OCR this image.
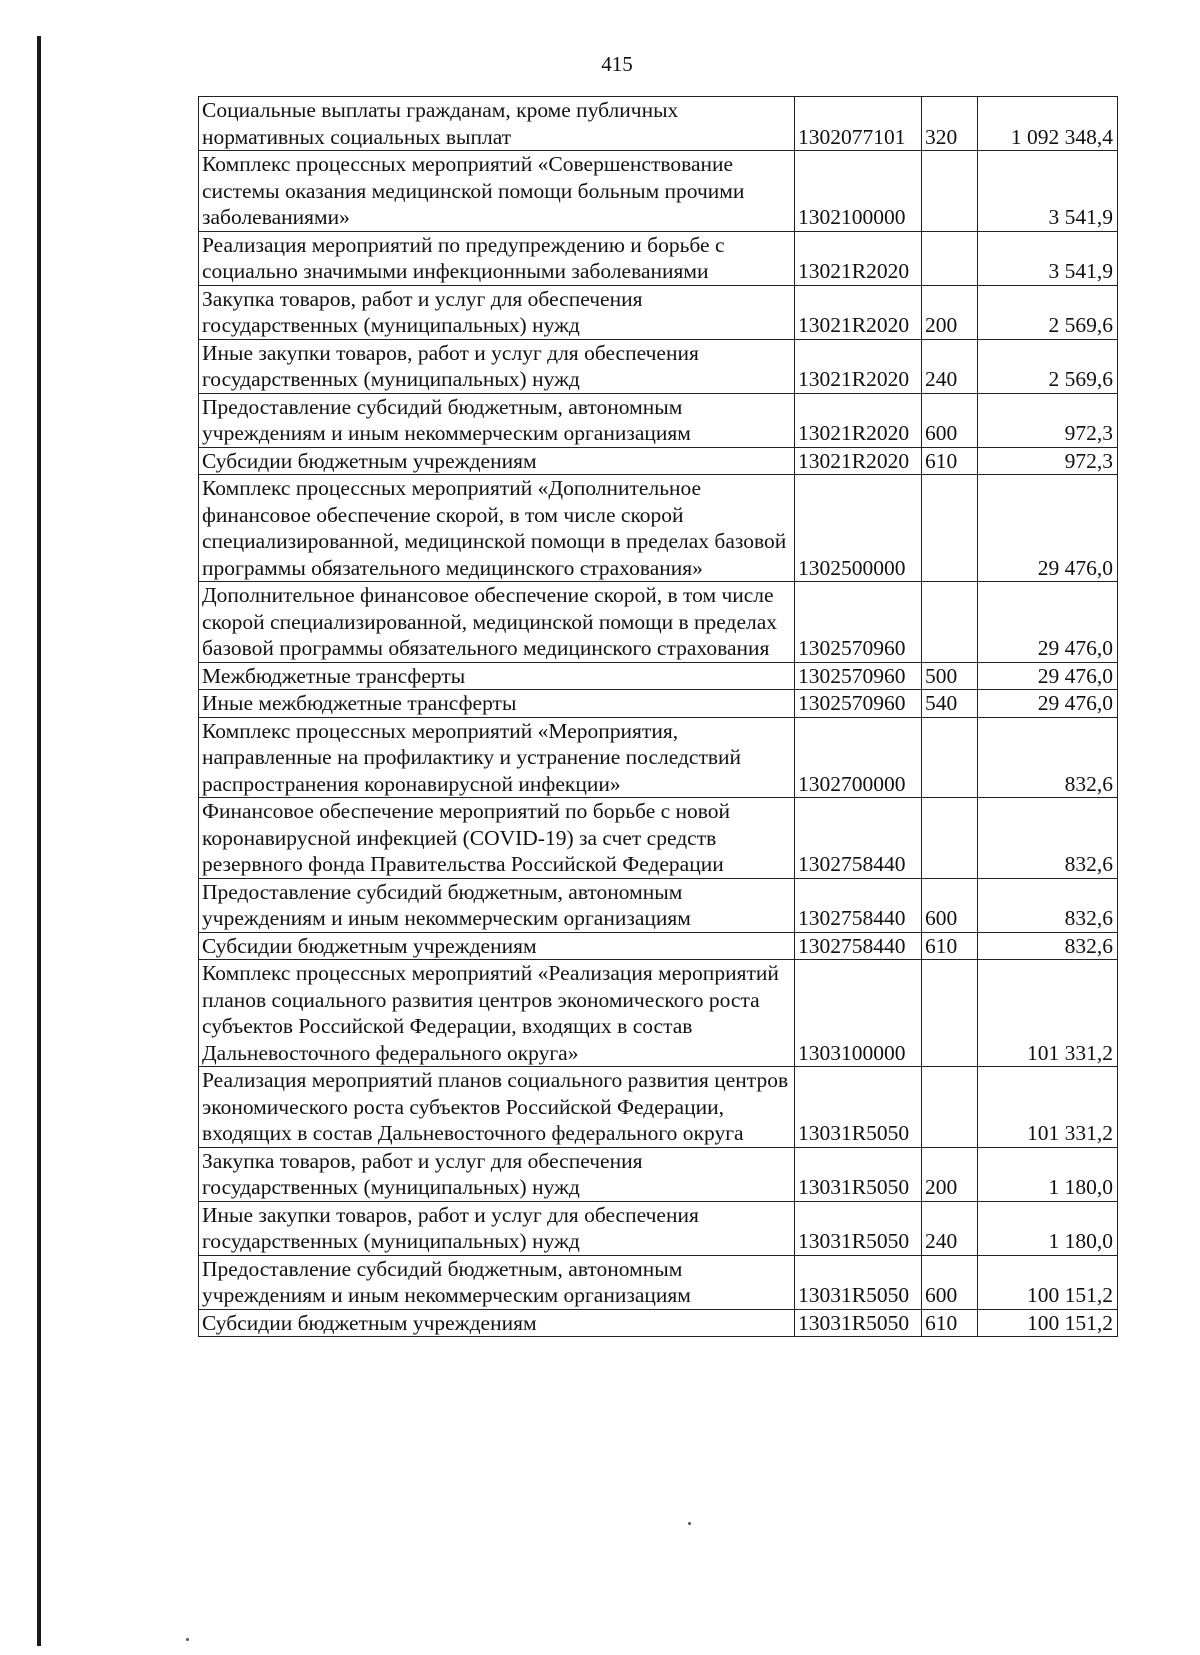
415
Социальные выплаты гражданам, кроме публичных нормативных социальных выплат	1302077101	320	1 092 348,4
Комплекс процессных мероприятий «Совершенствование системы оказания медицинской помощи больным прочими заболеваниями»	1302100000		3 541,9
Реализация мероприятий по предупреждению и борьбе с социально значимыми инфекционными заболеваниями	13021R2020		3 541,9
Закупка товаров, работ и услуг для обеспечения государственных (муниципальных) нужд	13021R2020	200	2 569,6
Иные закупки товаров, работ и услуг для обеспечения государственных (муниципальных) нужд	13021R2020	240	2 569,6
Предоставление субсидий бюджетным, автономным учреждениям и иным некоммерческим организациям	13021R2020	600	972,3
Субсидии бюджетным учреждениям	13021R2020	610	972,3
Комплекс процессных мероприятий «Дополнительное финансовое обеспечение скорой, в том числе скорой специализированной, медицинской помощи в пределах базовой программы обязательного медицинского страхования»	1302500000		29 476,0
Дополнительное финансовое обеспечение скорой, в том числе скорой специализированной, медицинской помощи в пределах базовой программы обязательного медицинского страхования	1302570960		29 476,0
Межбюджетные трансферты	1302570960	500	29 476,0
Иные межбюджетные трансферты	1302570960	540	29 476,0
Комплекс процессных мероприятий «Мероприятия, направленные на профилактику и устранение последствий распространения коронавирусной инфекции»	1302700000		832,6
Финансовое обеспечение мероприятий по борьбе с новой коронавирусной инфекцией (COVID-19) за счет средств резервного фонда Правительства Российской Федерации	1302758440		832,6
Предоставление субсидий бюджетным, автономным учреждениям и иным некоммерческим организациям	1302758440	600	832,6
Субсидии бюджетным учреждениям	1302758440	610	832,6
Комплекс процессных мероприятий «Реализация мероприятий планов социального развития центров экономического роста субъектов Российской Федерации, входящих в состав Дальневосточного федерального округа»	1303100000		101 331,2
Реализация мероприятий планов социального развития центров экономического роста субъектов Российской Федерации, входящих в состав Дальневосточного федерального округа	13031R5050		101 331,2
Закупка товаров, работ и услуг для обеспечения государственных (муниципальных) нужд	13031R5050	200	1 180,0
Иные закупки товаров, работ и услуг для обеспечения государственных (муниципальных) нужд	13031R5050	240	1 180,0
Предоставление субсидий бюджетным, автономным учреждениям и иным некоммерческим организациям	13031R5050	600	100 151,2
Субсидии бюджетным учреждениям	13031R5050	610	100 151,2
